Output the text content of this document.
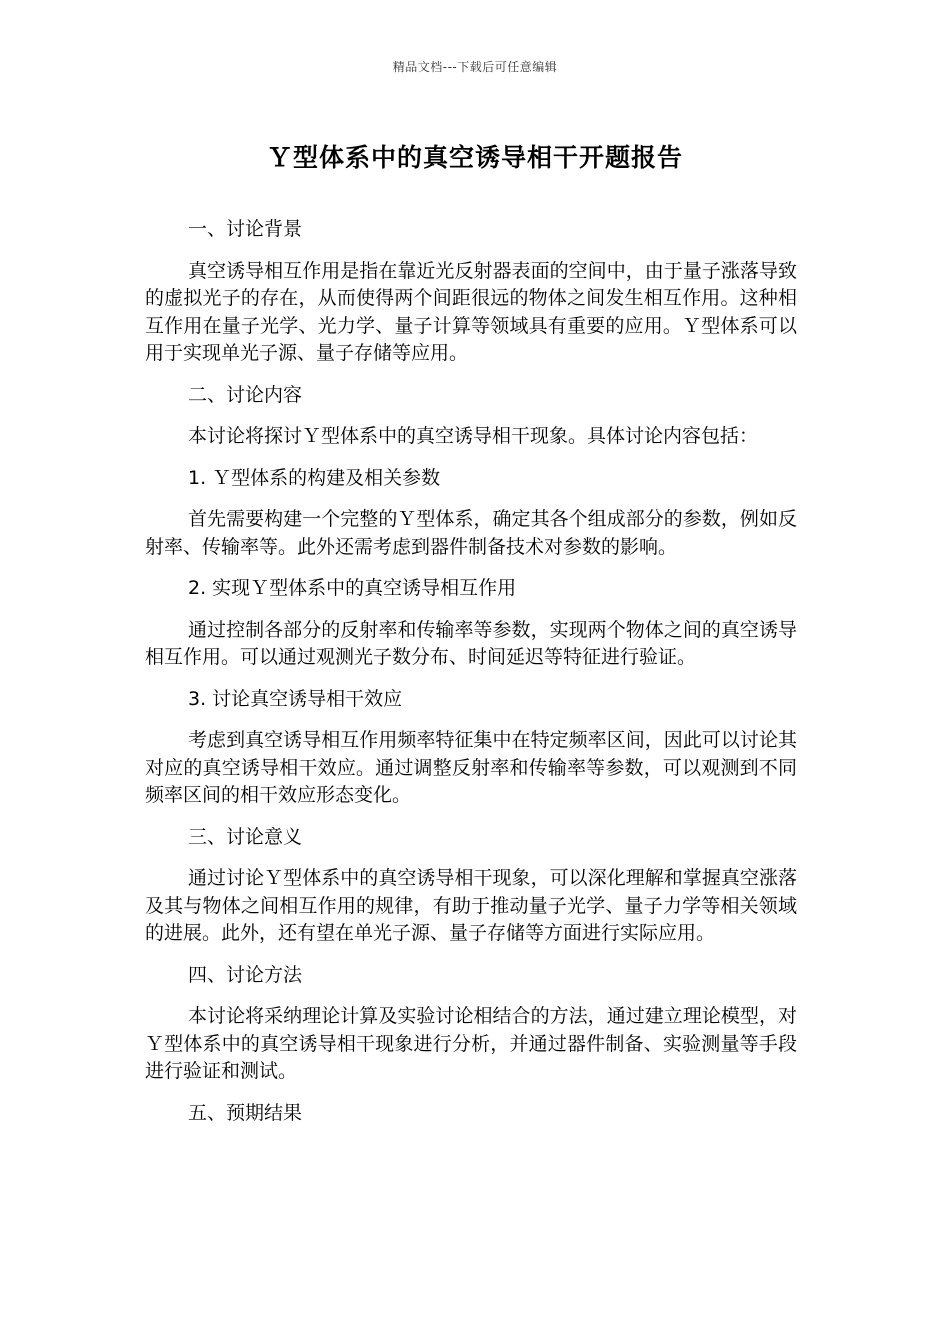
精品文档---下载后可任意编辑
Ｙ型体系中的真空诱导相干开题报告

一、讨论背景

真空诱导相互作用是指在靠近光反射器表面的空间中，由于量子涨落导致的虚拟光子的存在，从而使得两个间距很远的物体之间发生相互作用。这种相互作用在量子光学、光力学、量子计算等领域具有重要的应用。Ｙ型体系可以用于实现单光子源、量子存储等应用。

二、讨论内容

本讨论将探讨Ｙ型体系中的真空诱导相干现象。具体讨论内容包括：

1. Ｙ型体系的构建及相关参数

首先需要构建一个完整的Ｙ型体系，确定其各个组成部分的参数，例如反射率、传输率等。此外还需考虑到器件制备技术对参数的影响。

2. 实现Ｙ型体系中的真空诱导相互作用

通过控制各部分的反射率和传输率等参数，实现两个物体之间的真空诱导相互作用。可以通过观测光子数分布、时间延迟等特征进行验证。

3. 讨论真空诱导相干效应

考虑到真空诱导相互作用频率特征集中在特定频率区间，因此可以讨论其对应的真空诱导相干效应。通过调整反射率和传输率等参数，可以观测到不同频率区间的相干效应形态变化。

三、讨论意义

通过讨论Ｙ型体系中的真空诱导相干现象，可以深化理解和掌握真空涨落及其与物体之间相互作用的规律，有助于推动量子光学、量子力学等相关领域的进展。此外，还有望在单光子源、量子存储等方面进行实际应用。

四、讨论方法

本讨论将采纳理论计算及实验讨论相结合的方法，通过建立理论模型，对Ｙ型体系中的真空诱导相干现象进行分析，并通过器件制备、实验测量等手段进行验证和测试。

五、预期结果
